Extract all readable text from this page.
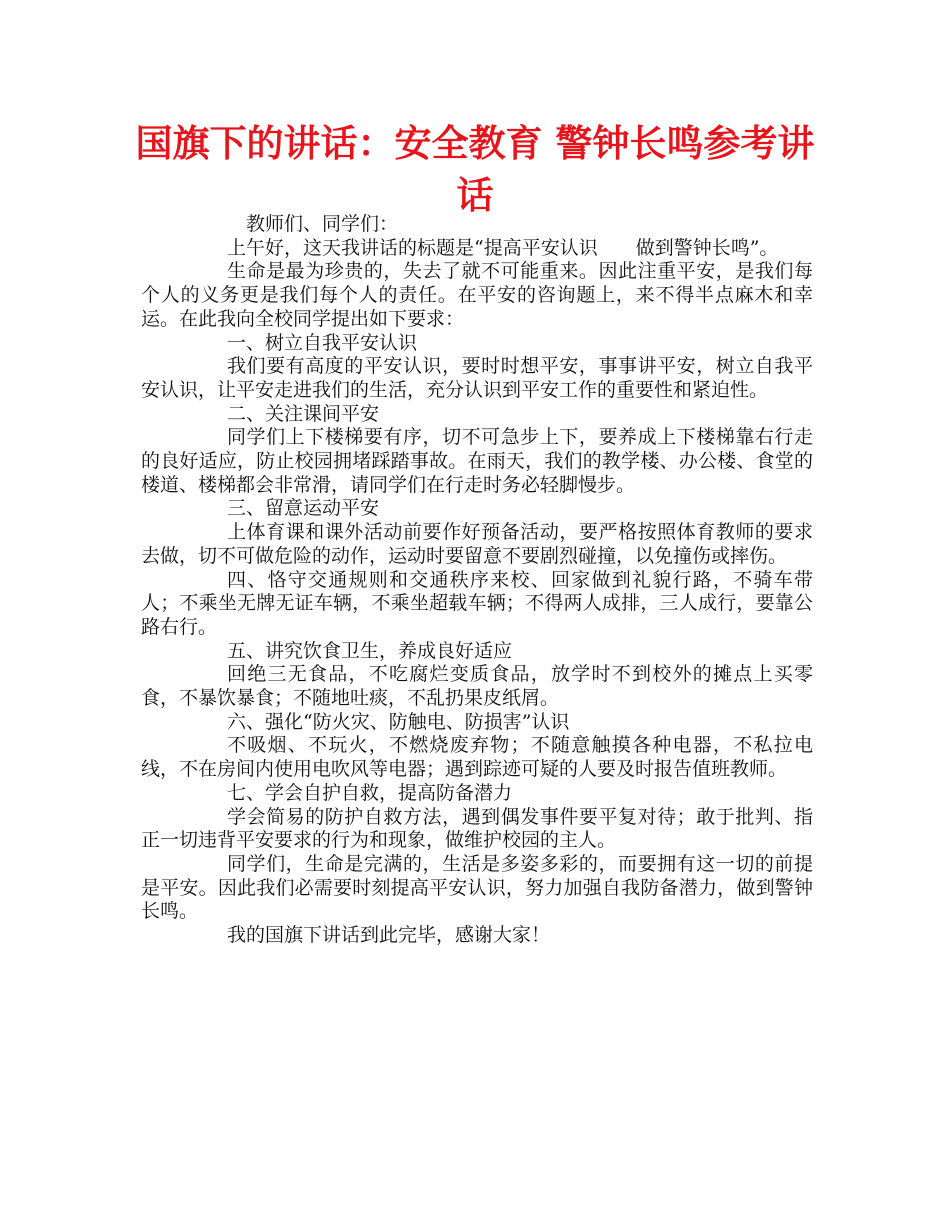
国旗下的讲话：安全教育 警钟长鸣参考讲话

教师们、同学们：

上午好，这天我讲话的标题是“提高平安认识　　做到警钟长鸣”。

生命是最为珍贵的，失去了就不可能重来。因此注重平安，是我们每个人的义务更是我们每个人的责任。在平安的咨询题上，来不得半点麻木和幸运。在此我向全校同学提出如下要求：

一、树立自我平安认识

我们要有高度的平安认识，要时时想平安，事事讲平安，树立自我平安认识，让平安走进我们的生活，充分认识到平安工作的重要性和紧迫性。

二、关注课间平安

同学们上下楼梯要有序，切不可急步上下，要养成上下楼梯靠右行走的良好适应，防止校园拥堵踩踏事故。在雨天，我们的教学楼、办公楼、食堂的楼道、楼梯都会非常滑，请同学们在行走时务必轻脚慢步。

三、留意运动平安

上体育课和课外活动前要作好预备活动，要严格按照体育教师的要求去做，切不可做危险的动作，运动时要留意不要剧烈碰撞，以免撞伤或摔伤。

四、恪守交通规则和交通秩序来校、回家做到礼貌行路，不骑车带人；不乘坐无牌无证车辆，不乘坐超载车辆；不得两人成排，三人成行，要靠公路右行。

五、讲究饮食卫生，养成良好适应

回绝三无食品，不吃腐烂变质食品，放学时不到校外的摊点上买零食，不暴饮暴食；不随地吐痰，不乱扔果皮纸屑。

六、强化“防火灾、防触电、防损害”认识

不吸烟、不玩火，不燃烧废弃物；不随意触摸各种电器，不私拉电线，不在房间内使用电吹风等电器；遇到踪迹可疑的人要及时报告值班教师。

七、学会自护自救，提高防备潜力

学会简易的防护自救方法，遇到偶发事件要平复对待；敢于批判、指正一切违背平安要求的行为和现象，做维护校园的主人。

同学们，生命是完满的，生活是多姿多彩的，而要拥有这一切的前提是平安。因此我们必需要时刻提高平安认识，努力加强自我防备潜力，做到警钟长鸣。

我的国旗下讲话到此完毕，感谢大家！
